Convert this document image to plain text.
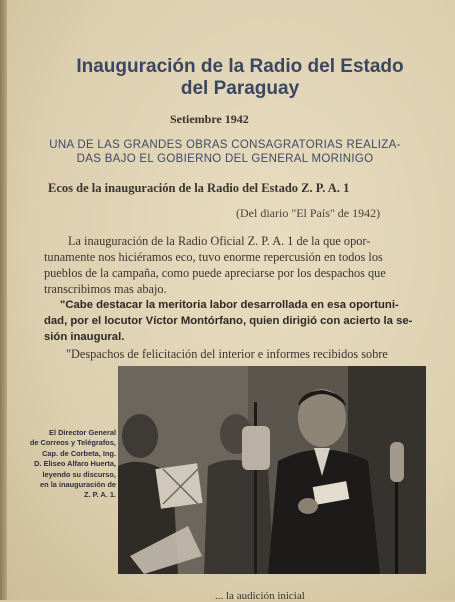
Inauguración de la Radio del Estado
del Paraguay
Setiembre 1942
UNA DE LAS GRANDES OBRAS CONSAGRATORIAS REALIZA-
DAS BAJO EL GOBIERNO DEL GENERAL MORINIGO
Ecos de la inauguración de la Radio del Estado Z. P. A. 1
(Del diario "El País" de 1942)
La inauguración de la Radio Oficial Z. P. A. 1 de la que opor-
tunamente nos hiciéramos eco, tuvo enorme repercusión en todos los
pueblos de la campaña, como puede apreciarse por los despachos que
transcribimos mas abajo.
"Cabe destacar la meritoria labor desarrollada en esa oportuni-
dad, por el locutor Víctor Montórfano, quien dirigió con acierto la se-
sión inaugural.
"Despachos de felicitación del interior e informes recibidos sobre
El Director General
de Correos y Telégrafos,
Cap. de Corbeta, Ing.
D. Eliseo Alfaro Huerta,
leyendo su discurso,
en la inauguración de
Z. P. A. 1.
... la audición inicial
